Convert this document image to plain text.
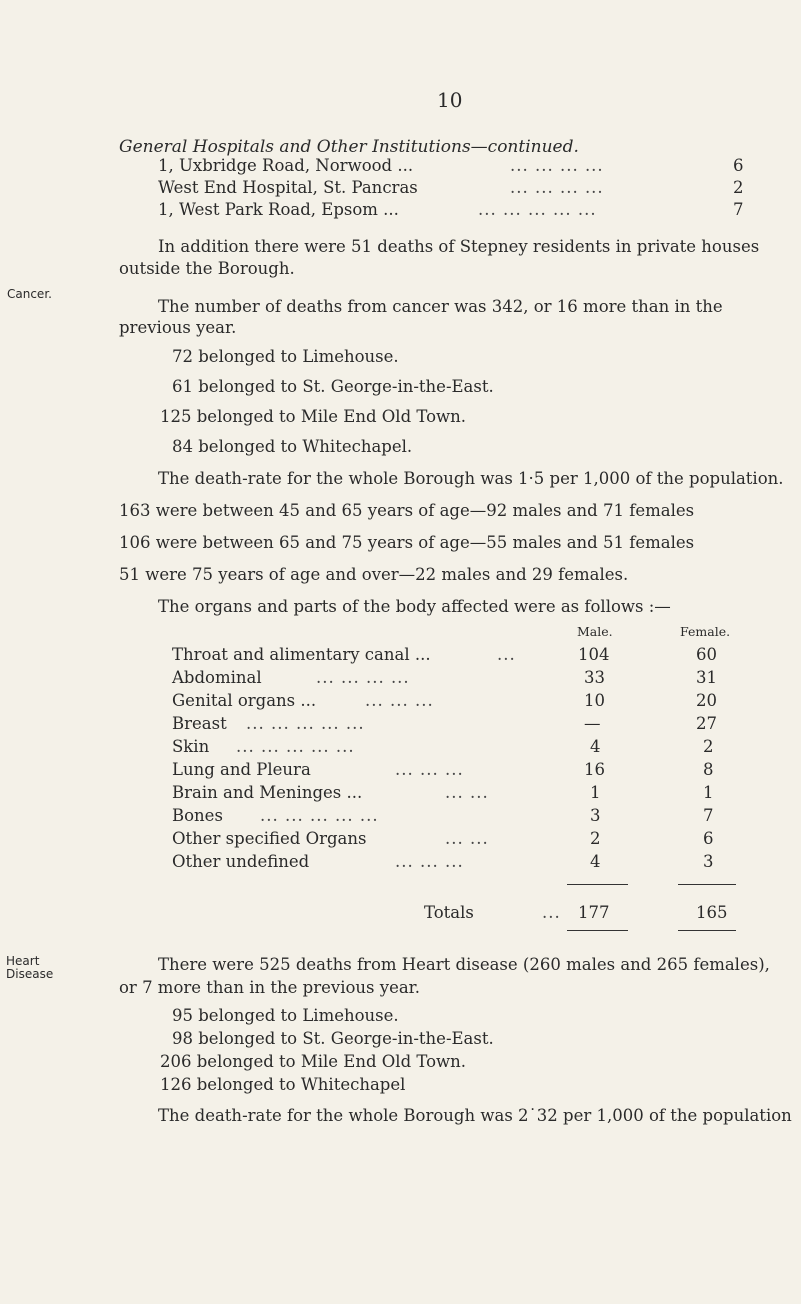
10
General Hospitals and Other Institutions—continued.
1, Uxbridge Road, Norwood ...	... ... ... ...	6
West End Hospital, St. Pancras	... ... ... ...	2
1, West Park Road, Epsom ...	... ... ... ... ...	7
In addition there were 51 deaths of Stepney residents in private houses
outside the Borough.
Cancer.
The number of deaths from cancer was 342, or 16 more than in the
previous year.
72 belonged to Limehouse.
61 belonged to St. George-in-the-East.
125 belonged to Mile End Old Town.
84 belonged to Whitechapel.
The death-rate for the whole Borough was 1·5 per 1,000 of the population.
163 were between 45 and 65 years of age—92 males and 71 females
106 were between 65 and 75 years of age—55 males and 51 females
51 were 75 years of age and over—22 males and 29 females.
The organs and parts of the body affected were as follows :—
Male.	Female.
Throat and alimentary canal ...	...	104	60
Abdominal	... ... ... ...	33	31
Genital organs ...	... ... ...	10	20
Breast ... ... ... ... ...	—	27
Skin ... ... ... ... ...	4	2
Lung and Pleura	... ... ...	16	8
Brain and Meninges ...	... ...	1	1
Bones ... ... ... ... ...	3	7
Other specified Organs	... ...	2	6
Other undefined	... ... ...	4	3
Totals	... 177	165
Heart
Disease	There were 525 deaths from Heart disease (260 males and 265 females),
or 7 more than in the previous year.
95 belonged to Limehouse.
98 belonged to St. George-in-the-East.
206 belonged to Mile End Old Town.
126 belonged to Whitechapel
The death-rate for the whole Borough was 2˙32 per 1,000 of the population
